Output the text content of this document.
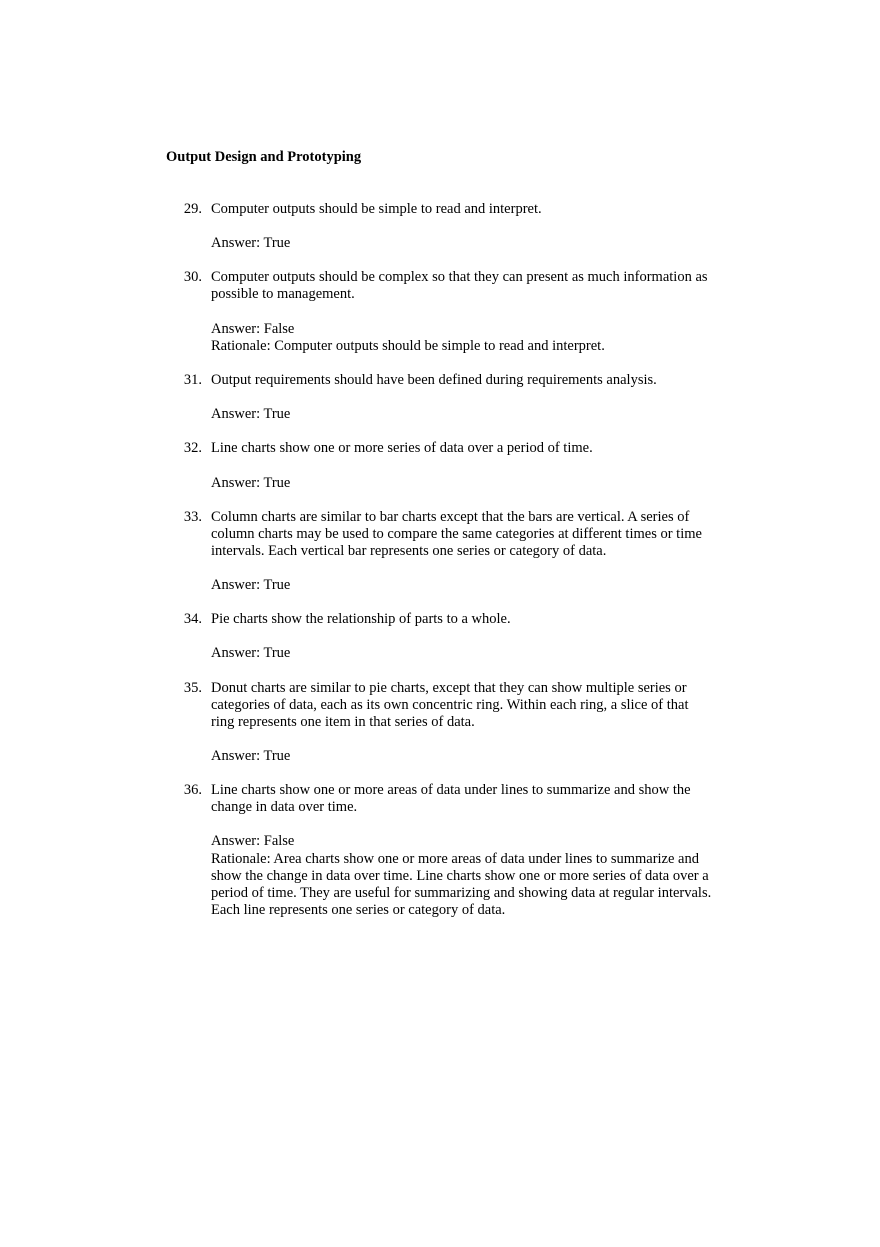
Output Design and Prototyping
29. Computer outputs should be simple to read and interpret.
Answer: True
30. Computer outputs should be complex so that they can present as much information as
possible to management.
Answer: False
Rationale: Computer outputs should be simple to read and interpret.
31. Output requirements should have been defined during requirements analysis.
Answer: True
32. Line charts show one or more series of data over a period of time.
Answer: True
33. Column charts are similar to bar charts except that the bars are vertical. A series of
column charts may be used to compare the same categories at different times or time
intervals. Each vertical bar represents one series or category of data.
Answer: True
34. Pie charts show the relationship of parts to a whole.
Answer: True
35. Donut charts are similar to pie charts, except that they can show multiple series or
categories of data, each as its own concentric ring. Within each ring, a slice of that
ring represents one item in that series of data.
Answer: True
36. Line charts show one or more areas of data under lines to summarize and show the
change in data over time.
Answer: False
Rationale: Area charts show one or more areas of data under lines to summarize and
show the change in data over time. Line charts show one or more series of data over a
period of time. They are useful for summarizing and showing data at regular intervals.
Each line represents one series or category of data.
